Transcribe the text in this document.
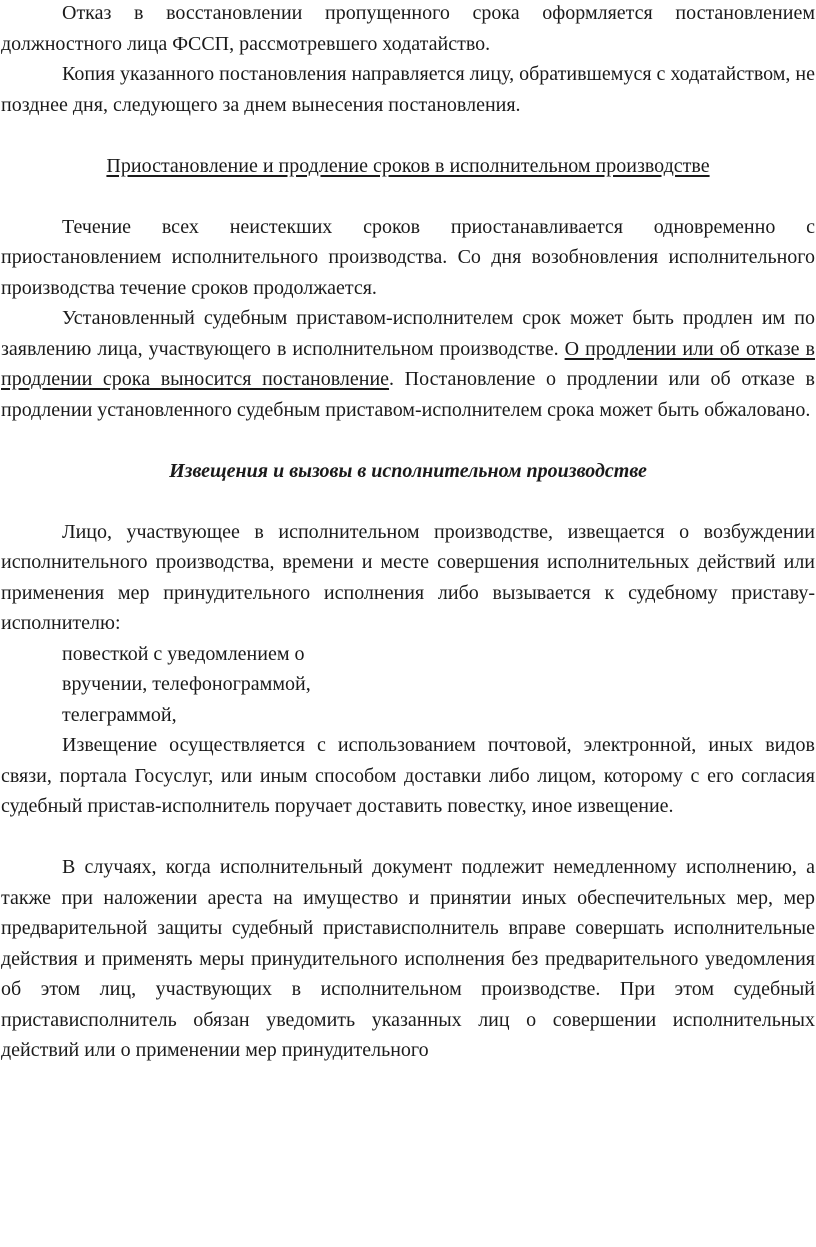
Отказ в восстановлении пропущенного срока оформляется постановлением должностного лица ФССП, рассмотревшего ходатайство.

Копия указанного постановления направляется лицу, обратившемуся с ходатайством, не позднее дня, следующего за днем вынесения постановления.

Приостановление и продление сроков в исполнительном производстве

Течение всех неистекших сроков приостанавливается одновременно с приостановлением исполнительного производства. Со дня возобновления исполнительного производства течение сроков продолжается.

Установленный судебным приставом-исполнителем срок может быть продлен им по заявлению лица, участвующего в исполнительном производстве. О продлении или об отказе в продлении срока выносится постановление. Постановление о продлении или об отказе в продлении установленного судебным приставом-исполнителем срока может быть обжаловано.

Извещения и вызовы в исполнительном производстве

Лицо, участвующее в исполнительном производстве, извещается о возбуждении исполнительного производства, времени и месте совершения исполнительных действий или применения мер принудительного исполнения либо вызывается к судебному приставу-исполнителю:

повесткой с уведомлением о

вручении, телефонограммой,

телеграммой,

Извещение осуществляется с использованием почтовой, электронной, иных видов связи, портала Госуслуг, или иным способом доставки либо лицом, которому с его согласия судебный пристав-исполнитель поручает доставить повестку, иное извещение.

В случаях, когда исполнительный документ подлежит немедленному исполнению, а также при наложении ареста на имущество и принятии иных обеспечительных мер, мер предварительной защиты судебный пристависполнитель вправе совершать исполнительные действия и применять меры принудительного исполнения без предварительного уведомления об этом лиц, участвующих в исполнительном производстве. При этом судебный пристависполнитель обязан уведомить указанных лиц о совершении исполнительных действий или о применении мер принудительного
